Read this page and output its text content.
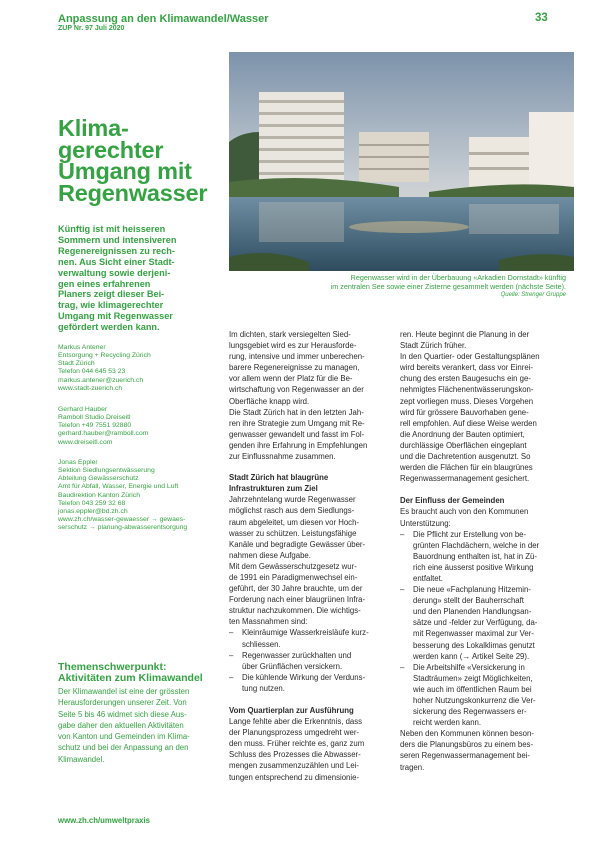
Anpassung an den Klimawandel/Wasser
ZUP Nr. 97 Juli 2020
33
Regenwasser wird in der Überbauung «Arkadien Dornstadt» künftig
im zentralen See sowie einer Zisterne gesammelt werden (nächste Seite).
Quelle: Strenger Gruppe
Klima-
gerechter
Umgang mit
Regenwasser
Künftig ist mit heisseren
Sommern und intensiveren
Regenereignissen zu rech-
nen. Aus Sicht einer Stadt-
verwaltung sowie derjeni-
gen eines erfahrenen
Planers zeigt dieser Bei-
trag, wie klimagerechter
Umgang mit Regenwasser
gefördert werden kann.
Markus Antener
Entsorgung + Recycling Zürich
Stadt Zürich
Telefon 044 645 53 23
markus.antener@zuerich.ch
www.stadt-zuerich.ch
Gerhard Hauber
Ramboll Studio Dreiseitl
Telefon +49 7551 92880
gerhard.hauber@ramboll.com
www.dreiseitl.com
Jonas Eppler
Sektion Siedlungsentwässerung
Abteilung Gewässerschutz
Amt für Abfall, Wasser, Energie und Luft
Baudirektion Kanton Zürich
Telefon 043 259 32 68
jonas.eppler@bd.zh.ch
www.zh.ch/wasser-gewaesser → gewaes-
serschutz → planung-abwasserentsorgung
Themenschwerpunkt:
Aktivitäten zum Klimawandel
Der Klimawandel ist eine der grössten
Herausforderungen unserer Zeit. Von
Seite 5 bis 46 widmet sich diese Aus-
gabe daher den aktuellen Aktivitäten
von Kanton und Gemeinden im Klima-
schutz und bei der Anpassung an den
Klimawandel.
www.zh.ch/umweltpraxis

Im dichten, stark versiegelten Sied-
lungsgebiet wird es zur Herausforde-
rung, intensive und immer unberechen-
barere Regenereignisse zu managen,
vor allem wenn der Platz für die Be-
wirtschaftung von Regenwasser an der
Oberfläche knapp wird.
Die Stadt Zürich hat in den letzten Jah-
ren ihre Strategie zum Umgang mit Re-
genwasser gewandelt und fasst im Fol-
genden ihre Erfahrung in Empfehlungen
zur Einflussnahme zusammen.

Stadt Zürich hat blaugrüne
Infrastrukturen zum Ziel

Jahrzehntelang wurde Regenwasser
möglichst rasch aus dem Siedlungs-
raum abgeleitet, um diesen vor Hoch-
wasser zu schützen. Leistungsfähige
Kanäle und begradigte Gewässer über-
nahmen diese Aufgabe.
Mit dem Gewässerschutzgesetz wur-
de 1991 ein Paradigmenwechsel ein-
geführt, der 30 Jahre brauchte, um der
Forderung nach einer blaugrünen Infra-
struktur nachzukommen. Die wichtigs-
ten Massnahmen sind:

–	Kleinräumige Wasserkreisläufe kurz-
schliessen.
–	Regenwasser zurückhalten und
über Grünflächen versickern.
–	Die kühlende Wirkung der Verduns-
tung nutzen.

Vom Quartierplan zur Ausführung

Lange fehlte aber die Erkenntnis, dass
der Planungsprozess umgedreht wer-
den muss. Früher reichte es, ganz zum
Schluss des Prozesses die Abwasser-
mengen zusammenzuzählen und Lei-
tungen entsprechend zu dimensionie-

ren. Heute beginnt die Planung in der
Stadt Zürich früher.
In den Quartier- oder Gestaltungsplänen
wird bereits verankert, dass vor Einrei-
chung des ersten Baugesuchs ein ge-
nehmigtes Flächenentwässerungskon-
zept vorliegen muss. Dieses Vorgehen
wird für grössere Bauvorhaben gene-
rell empfohlen. Auf diese Weise werden
die Anordnung der Bauten optimiert,
durchlässige Oberflächen eingeplant
und die Dachretention ausgenutzt. So
werden die Flächen für ein blaugrünes
Regenwassermanagement gesichert.

Der Einfluss der Gemeinden

Es braucht auch von den Kommunen
Unterstützung:

–	Die Pflicht zur Erstellung von be-
grünten Flachdächern, welche in der
Bauordnung enthalten ist, hat in Zü-
rich eine äusserst positive Wirkung
entfaltet.
–	Die neue «Fachplanung Hitzemin-
derung» stellt der Bauherrschaft
und den Planenden Handlungsan-
sätze und -felder zur Verfügung, da-
mit Regenwasser maximal zur Ver-
besserung des Lokalklimas genutzt
werden kann (→ Artikel Seite 29).
–	Die Arbeitshilfe «Versickerung in
Stadträumen» zeigt Möglichkeiten,
wie auch im öffentlichen Raum bei
hoher Nutzungskonkurrenz die Ver-
sickerung des Regenwassers er-
reicht werden kann.

Neben den Kommunen können beson-
ders die Planungsbüros zu einem bes-
seren Regenwassermanagement bei-
tragen.
